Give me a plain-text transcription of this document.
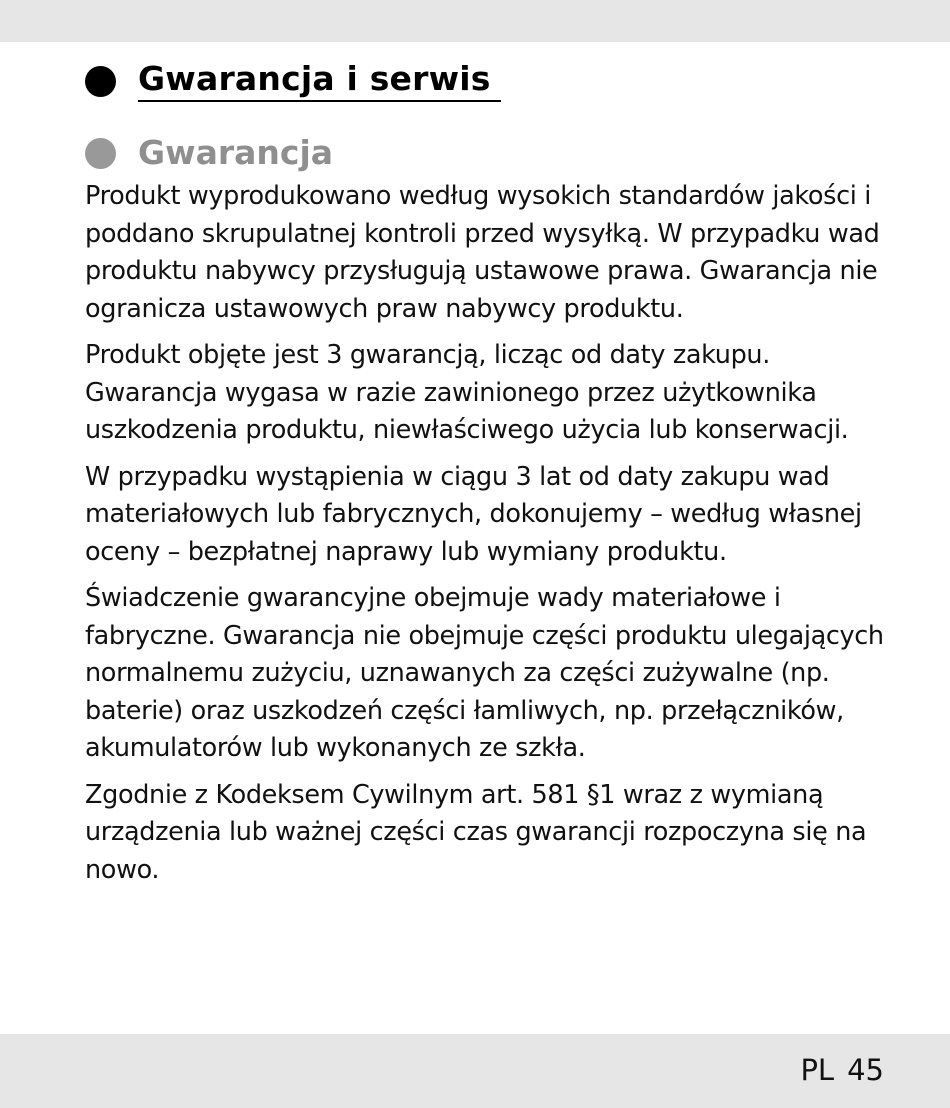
Gwarancja i serwis
Gwarancja

Produkt wyprodukowano według wysokich standardów jakości i poddano skrupulatnej kontroli przed wysyłką. W przypadku wad produktu nabywcy przysługują ustawowe prawa. Gwarancja nie ogranicza ustawowych praw nabywcy produktu.

Produkt objęte jest 3 gwarancją, licząc od daty zakupu. Gwarancja wygasa w razie zawinionego przez użytkownika uszkodzenia produktu, niewłaściwego użycia lub konserwacji.

W przypadku wystąpienia w ciągu 3 lat od daty zakupu wad materiałowych lub fabrycznych, dokonujemy – według własnej oceny – bezpłatnej naprawy lub wymiany produktu.

Świadczenie gwarancyjne obejmuje wady materiałowe i fabryczne. Gwarancja nie obejmuje części produktu ulegających normalnemu zużyciu, uznawanych za części zużywalne (np. baterie) oraz uszkodzeń części łamliwych, np. przełączników, akumulatorów lub wykonanych ze szkła.

Zgodnie z Kodeksem Cywilnym art. 581 §1 wraz z wymianą urządzenia lub ważnej części czas gwarancji rozpoczyna się na nowo.

PL 45
